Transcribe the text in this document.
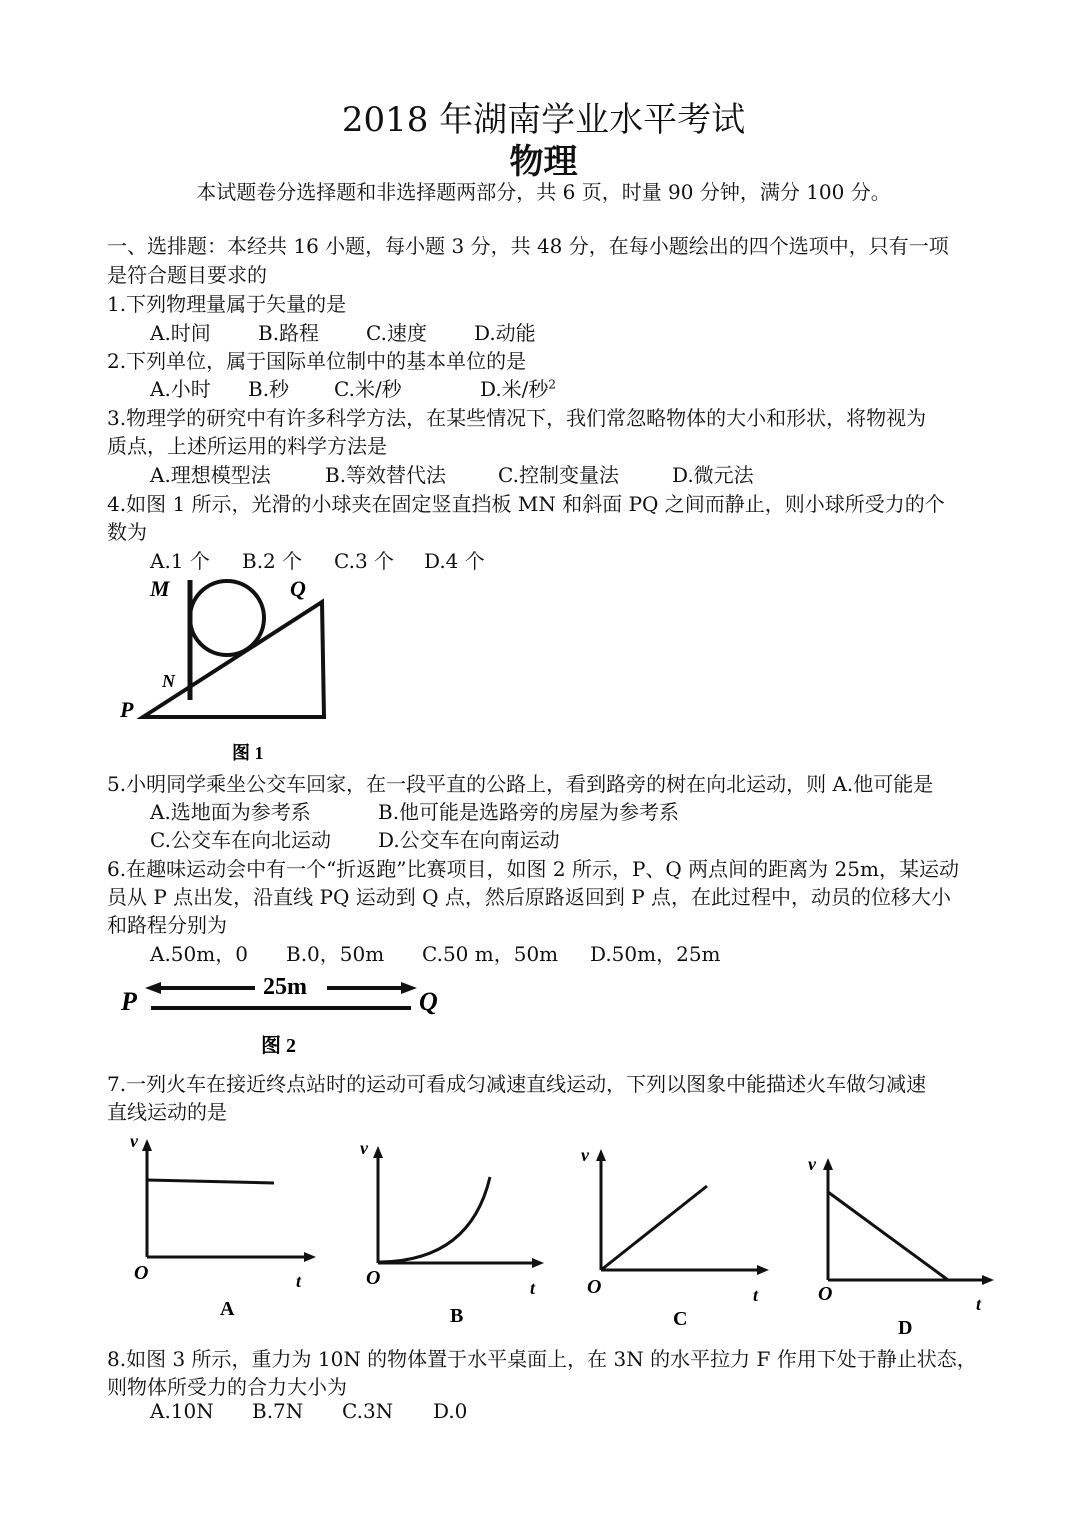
2018 年湖南学业水平考试
物理
本试题卷分选择题和非选择题两部分，共 6 页，时量 90 分钟，满分 100 分。
一、选排题：本经共 16 小题，每小题 3 分，共 48 分，在每小题绘出的四个选项中，只有一项
是符合题目要求的
1.下列物理量属于矢量的是
A.时间 B.路程 C.速度 D.动能
2.下列单位，属于国际单位制中的基本单位的是
A.小时 B.秒 C.米/秒	D.米/秒$^2$
3.物理学的研究中有许多科学方法，在某些情况下，我们常忽略物体的大小和形状，将物视为
质点，上述所运用的料学方法是
A.理想模型法	B.等效替代法	C.控制变量法	D.微元法
4.如图 1 所示，光滑的小球夹在固定竖直挡板 MN 和斜面 PQ 之间而静止，则小球所受力的个
数为
A.1 个 B.2 个 C.3 个 D.4 个
M
N
P
Q
图 1
5.小明同学乘坐公交车回家，在一段平直的公路上，看到路旁的树在向北运动，则 A.他可能是
A.选地面为参考系	B.他可能是选路旁的房屋为参考系
C.公交车在向北运动 D.公交车在向南运动
6.在趣味运动会中有一个“折返跑”比赛项目，如图 2 所示，P、Q 两点间的距离为 25m，某运动
员从 P 点出发，沿直线 PQ 运动到 Q 点，然后原路返回到 P 点，在此过程中，动员的位移大小
和路程分别为
A.50m，0 B.0，50m C.50 m，50m D.50m，25m
P	Q
25m
图 2
7.一列火车在接近终点站时的运动可看成匀减速直线运动，下列以图象中能描述火车做匀减速
直线运动的是
v
O	t
A
v
O	t
B
v
O	t
C
v
O	t
D
8.如图 3 所示，重力为 10N 的物体置于水平桌面上，在 3N 的水平拉力 F 作用下处于静止状态，
则物体所受力的合力大小为
A.10N B.7N C.3N D.0
